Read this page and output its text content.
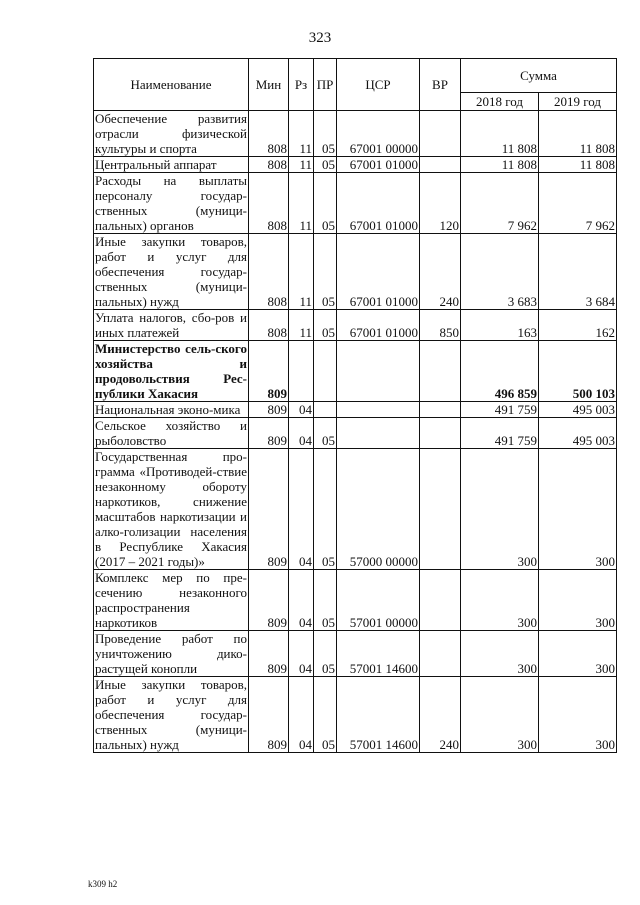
323
Наименование	Мин	Рз	ПР	ЦСР	ВР	Сумма	
						2018 год	2019 год
Обеспечение развития отрасли физической культуры и спорта	808	11	05	67001 00000		11 808	11 808
Центральный аппарат	808	11	05	67001 01000		11 808	11 808
Расходы на выплаты персоналу государ-ственных (муници-пальных) органов	808	11	05	67001 01000	120	7 962	7 962
Иные закупки товаров, работ и услуг для обеспечения государ-ственных (муници-пальных) нужд	808	11	05	67001 01000	240	3 683	3 684
Уплата налогов, сбо-ров и иных платежей	808	11	05	67001 01000	850	163	162
Министерство сель-ского хозяйства и продовольствия Рес-публики Хакасия	809					496 859	500 103
Национальная эконо-мика	809	04				491 759	495 003
Сельское хозяйство и рыболовство	809	04	05			491 759	495 003
Государственная про-грамма «Противодей-ствие незаконному обороту наркотиков, снижение масштабов наркотизации и алко-голизации населения в Республике Хакасия (2017 – 2021 годы)»	809	04	05	57000 00000		300	300
Комплекс мер по пре-сечению незаконного распространения наркотиков	809	04	05	57001 00000		300	300
Проведение работ по уничтожению дико-растущей конопли	809	04	05	57001 14600		300	300
Иные закупки товаров, работ и услуг для обеспечения государ-ственных (муници-пальных) нужд	809	04	05	57001 14600	240	300	300
k309 h2
